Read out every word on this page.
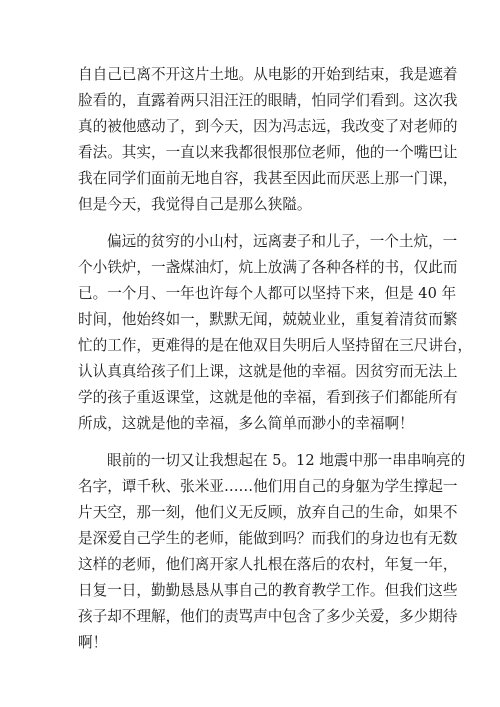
自自己已离不开这片土地。从电影的开始到结束，我是遮着
脸看的，直露着两只泪汪汪的眼睛，怕同学们看到。这次我
真的被他感动了，到今天，因为冯志远，我改变了对老师的
看法。其实，一直以来我都很恨那位老师，他的一个嘴巴让
我在同学们面前无地自容，我甚至因此而厌恶上那一门课，
但是今天，我觉得自己是那么狭隘。

偏远的贫穷的小山村，远离妻子和儿子，一个土炕，一
个小铁炉，一盏煤油灯，炕上放满了各种各样的书，仅此而
已。一个月、一年也许每个人都可以坚持下来，但是 40 年
时间，他始终如一，默默无闻，兢兢业业，重复着清贫而繁
忙的工作，更难得的是在他双目失明后人坚持留在三尺讲台，
认认真真给孩子们上课，这就是他的幸福。因贫穷而无法上
学的孩子重返课堂，这就是他的幸福，看到孩子们都能所有
所成，这就是他的幸福，多么简单而渺小的幸福啊！

眼前的一切又让我想起在 5。12 地震中那一串串响亮的
名字，谭千秋、张米亚……他们用自己的身躯为学生撑起一
片天空，那一刻，他们义无反顾，放弃自己的生命，如果不
是深爱自己学生的老师，能做到吗？而我们的身边也有无数
这样的老师，他们离开家人扎根在落后的农村，年复一年，
日复一日，勤勤恳恳从事自己的教育教学工作。但我们这些
孩子却不理解，他们的责骂声中包含了多少关爱，多少期待
啊！
